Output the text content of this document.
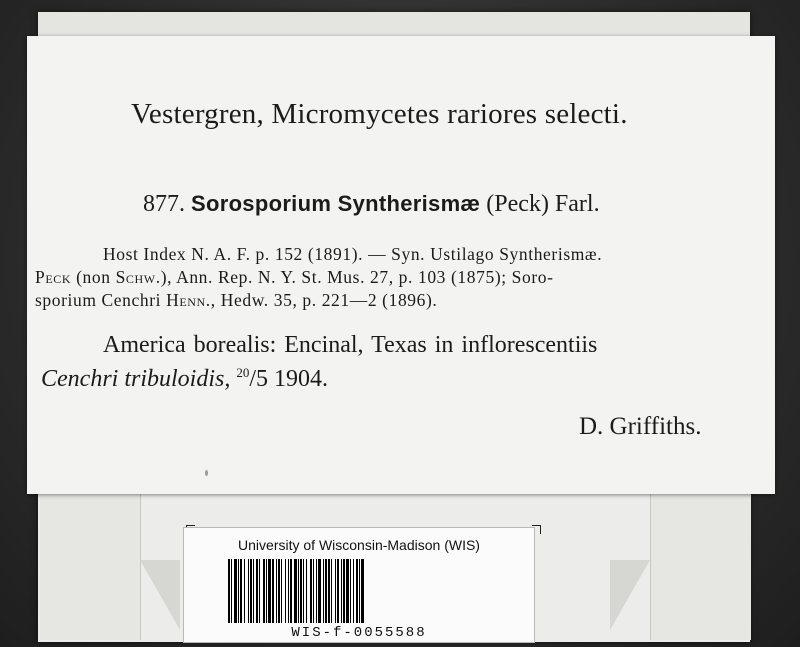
Vestergren, Micromycetes rariores selecti.
877. Sorosporium Syntherismæ (Peck) Farl.
Host Index N. A. F. p. 152 (1891). — Syn. Ustilago Syntherismæ.
Peck (non Schw.), Ann. Rep. N. Y. St. Mus. 27, p. 103 (1875); Soro-
sporium Cenchri Henn., Hedw. 35, p. 221—2 (1896).
America borealis: Encinal, Texas in inflorescentiis
Cenchri tribuloidis, $^{20}$/5 1904.
D. Griffiths.
University of Wisconsin-Madison (WIS)
WIS-f-0055588
